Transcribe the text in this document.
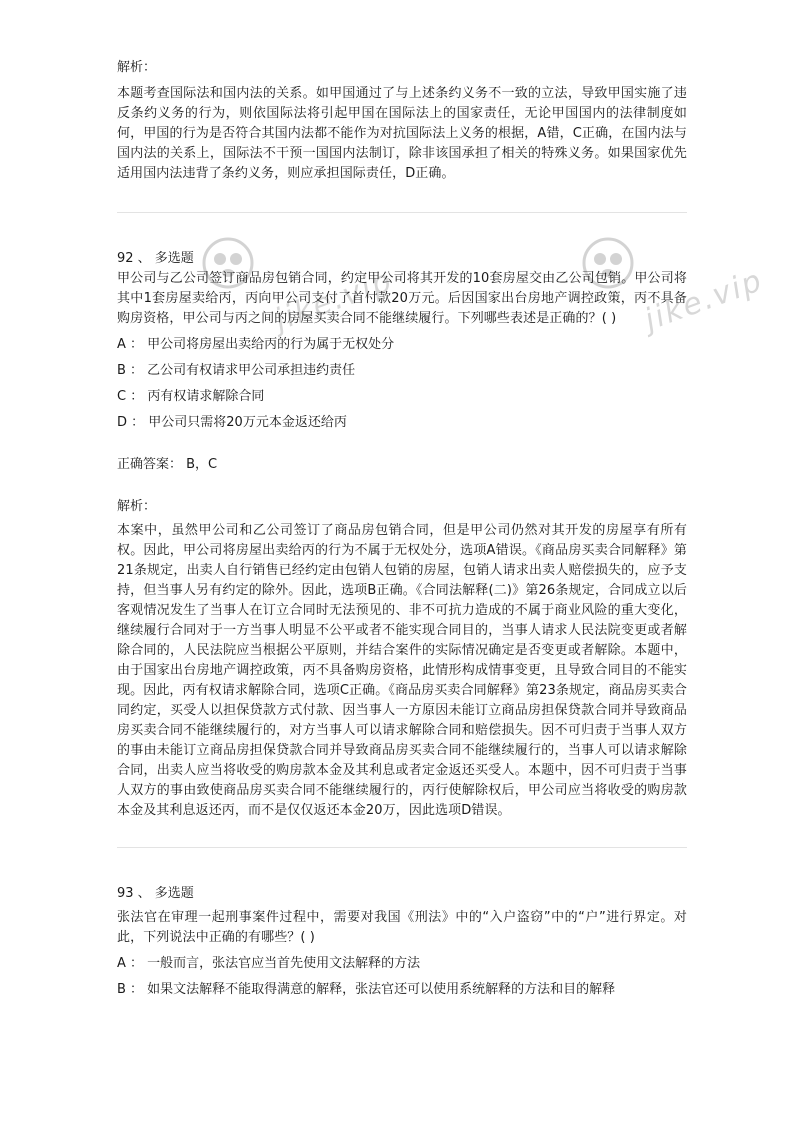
jike.vip	jike.vip

解析：

本题考查国际法和国内法的关系。如甲国通过了与上述条约义务不一致的立法，导致甲国实施了违反条约义务的行为，则依国际法将引起甲国在国际法上的国家责任，无论甲国国内的法律制度如何，甲国的行为是否符合其国内法都不能作为对抗国际法上义务的根据，A错，C正确，在国内法与国内法的关系上，国际法不干预一国国内法制订，除非该国承担了相关的特殊义务。如果国家优先适用国内法违背了条约义务，则应承担国际责任，D正确。

92 、 多选题

甲公司与乙公司签订商品房包销合同，约定甲公司将其开发的10套房屋交由乙公司包销。甲公司将其中1套房屋卖给丙，丙向甲公司支付了首付款20万元。后因国家出台房地产调控政策，丙不具备购房资格，甲公司与丙之间的房屋买卖合同不能继续履行。下列哪些表述是正确的？( )

A ： 甲公司将房屋出卖给丙的行为属于无权处分

B ： 乙公司有权请求甲公司承担违约责任

C ： 丙有权请求解除合同

D ： 甲公司只需将20万元本金返还给丙

正确答案： B，C

解析：

本案中，虽然甲公司和乙公司签订了商品房包销合同，但是甲公司仍然对其开发的房屋享有所有权。因此，甲公司将房屋出卖给丙的行为不属于无权处分，选项A错误。《商品房买卖合同解释》第21条规定，出卖人自行销售已经约定由包销人包销的房屋，包销人请求出卖人赔偿损失的，应予支持，但当事人另有约定的除外。因此，选项B正确。《合同法解释(二)》第26条规定，合同成立以后客观情况发生了当事人在订立合同时无法预见的、非不可抗力造成的不属于商业风险的重大变化，继续履行合同对于一方当事人明显不公平或者不能实现合同目的，当事人请求人民法院变更或者解除合同的，人民法院应当根据公平原则，并结合案件的实际情况确定是否变更或者解除。本题中，由于国家出台房地产调控政策，丙不具备购房资格，此情形构成情事变更，且导致合同目的不能实现。因此，丙有权请求解除合同，选项C正确。《商品房买卖合同解释》第23条规定，商品房买卖合同约定，买受人以担保贷款方式付款、因当事人一方原因未能订立商品房担保贷款合同并导致商品房买卖合同不能继续履行的，对方当事人可以请求解除合同和赔偿损失。因不可归责于当事人双方的事由未能订立商品房担保贷款合同并导致商品房买卖合同不能继续履行的，当事人可以请求解除合同，出卖人应当将收受的购房款本金及其利息或者定金返还买受人。本题中，因不可归责于当事人双方的事由致使商品房买卖合同不能继续履行的，丙行使解除权后，甲公司应当将收受的购房款本金及其利息返还丙，而不是仅仅返还本金20万，因此选项D错误。

93 、 多选题

张法官在审理一起刑事案件过程中，需要对我国《刑法》中的“入户盗窃”中的“户”进行界定。对此，下列说法中正确的有哪些？( )

A ： 一般而言，张法官应当首先使用文法解释的方法

B ： 如果文法解释不能取得满意的解释，张法官还可以使用系统解释的方法和目的解释
